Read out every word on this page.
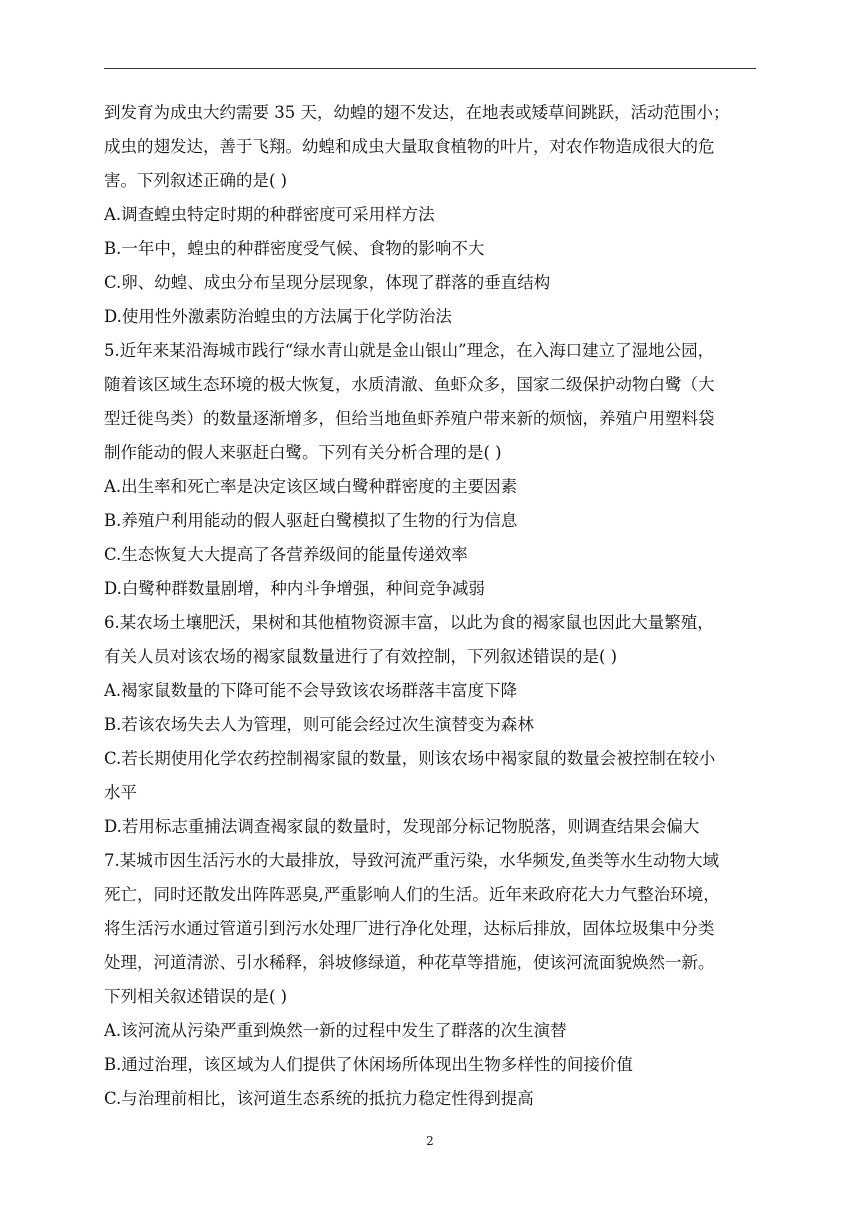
到发育为成虫大约需要 35 天，幼蝗的翅不发达，在地表或矮草间跳跃，活动范围小；
成虫的翅发达，善于飞翔。幼蝗和成虫大量取食植物的叶片，对农作物造成很大的危
害。下列叙述正确的是( )
A.调查蝗虫特定时期的种群密度可采用样方法
B.一年中，蝗虫的种群密度受气候、食物的影响不大
C.卵、幼蝗、成虫分布呈现分层现象，体现了群落的垂直结构
D.使用性外激素防治蝗虫的方法属于化学防治法
5.近年来某沿海城市践行“绿水青山就是金山银山”理念，在入海口建立了湿地公园，
随着该区域生态环境的极大恢复，水质清澈、鱼虾众多，国家二级保护动物白鹭（大
型迁徙鸟类）的数量逐渐增多，但给当地鱼虾养殖户带来新的烦恼，养殖户用塑料袋
制作能动的假人来驱赶白鹭。下列有关分析合理的是( )
A.出生率和死亡率是决定该区域白鹭种群密度的主要因素
B.养殖户利用能动的假人驱赶白鹭模拟了生物的行为信息
C.生态恢复大大提高了各营养级间的能量传递效率
D.白鹭种群数量剧增，种内斗争增强，种间竞争减弱
6.某农场土壤肥沃，果树和其他植物资源丰富，以此为食的褐家鼠也因此大量繁殖，
有关人员对该农场的褐家鼠数量进行了有效控制，下列叙述错误的是( )
A.褐家鼠数量的下降可能不会导致该农场群落丰富度下降
B.若该农场失去人为管理，则可能会经过次生演替变为森林
C.若长期使用化学农药控制褐家鼠的数量，则该农场中褐家鼠的数量会被控制在较小
水平
D.若用标志重捕法调查褐家鼠的数量时，发现部分标记物脱落，则调查结果会偏大
7.某城市因生活污水的大最排放，导致河流严重污染，水华频发,鱼类等水生动物大域
死亡，同时还散发出阵阵恶臭,严重影响人们的生活。近年来政府花大力气整治环境，
将生活污水通过管道引到污水处理厂进行净化处理，达标后排放，固体垃圾集中分类
处理，河道清淤、引水稀释，斜坡修绿道，种花草等措施，使该河流面貌焕然一新。
下列相关叙述错误的是( )
A.该河流从污染严重到焕然一新的过程中发生了群落的次生演替
B.通过治理，该区域为人们提供了休闲场所体现出生物多样性的间接价值
C.与治理前相比，该河道生态系统的抵抗力稳定性得到提高
2
